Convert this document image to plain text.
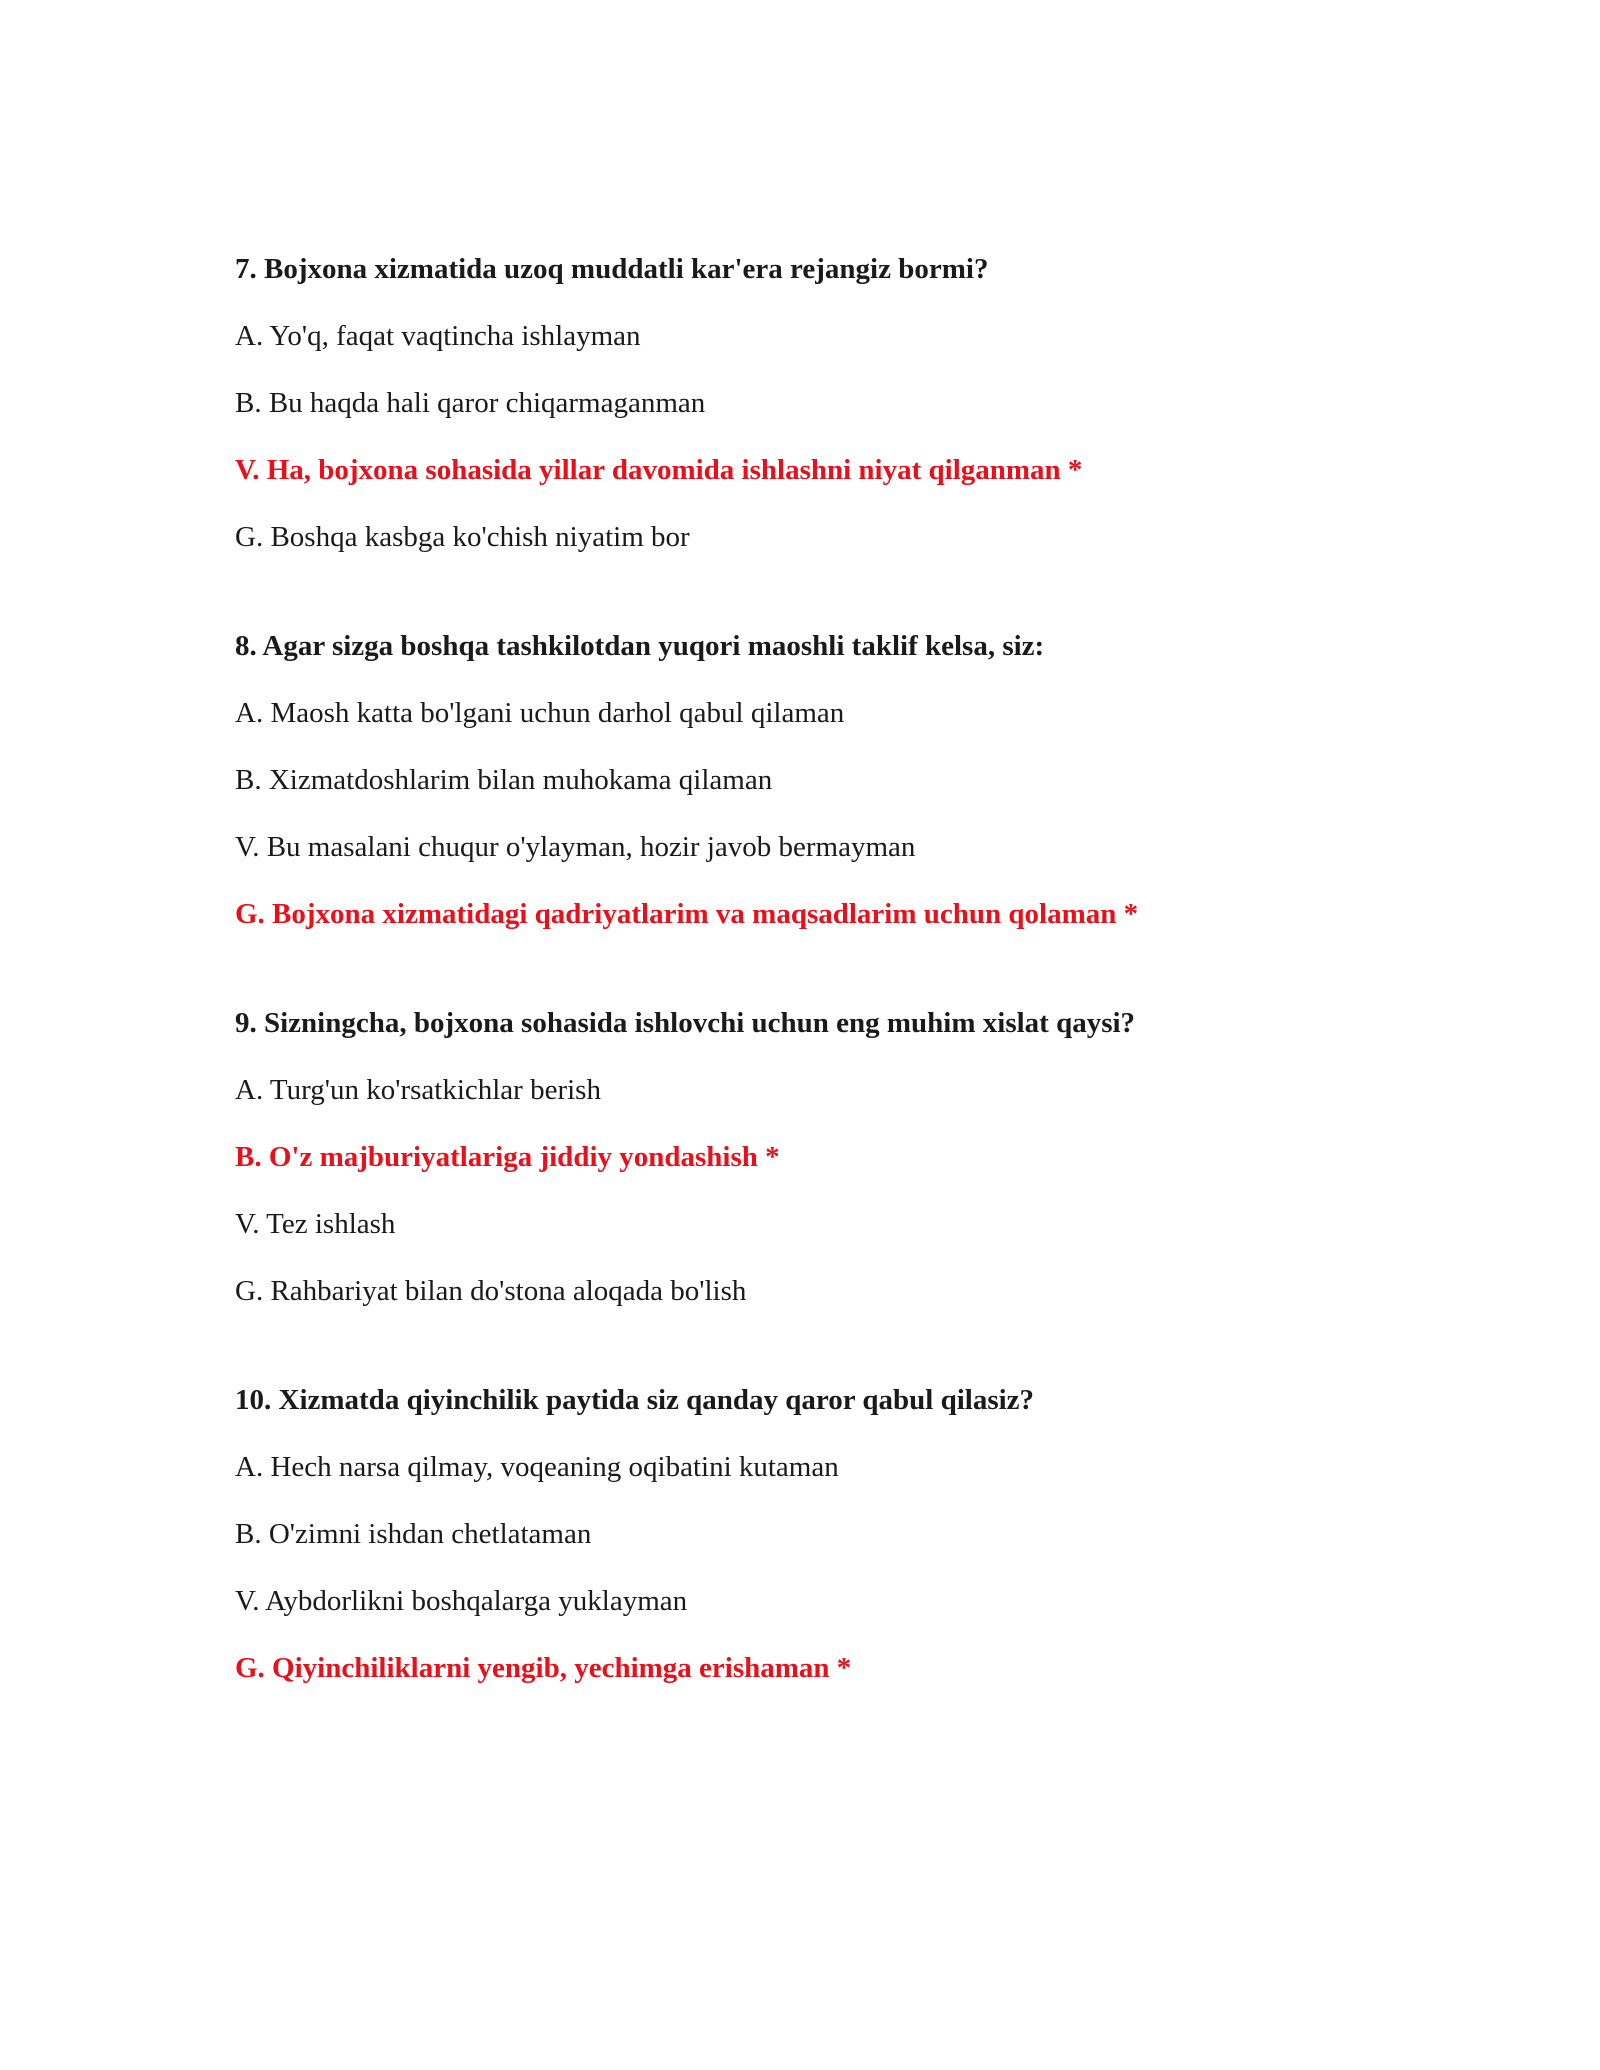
7. Bojxona xizmatida uzoq muddatli kar'era rejangiz bormi?
A. Yo'q, faqat vaqtincha ishlayman
B. Bu haqda hali qaror chiqarmaganman
V. Ha, bojxona sohasida yillar davomida ishlashni niyat qilganman *
G. Boshqa kasbga ko'chish niyatim bor
8. Agar sizga boshqa tashkilotdan yuqori maoshli taklif kelsa, siz:
A. Maosh katta bo'lgani uchun darhol qabul qilaman
B. Xizmatdoshlarim bilan muhokama qilaman
V. Bu masalani chuqur o'ylayman, hozir javob bermayman
G. Bojxona xizmatidagi qadriyatlarim va maqsadlarim uchun qolaman *
9. Sizningcha, bojxona sohasida ishlovchi uchun eng muhim xislat qaysi?
A. Turg'un ko'rsatkichlar berish
B. O'z majburiyatlariga jiddiy yondashish *
V. Tez ishlash
G. Rahbariyat bilan do'stona aloqada bo'lish
10. Xizmatda qiyinchilik paytida siz qanday qaror qabul qilasiz?
A. Hech narsa qilmay, voqeaning oqibatini kutaman
B. O'zimni ishdan chetlataman
V. Aybdorlikni boshqalarga yuklayman
G. Qiyinchiliklarni yengib, yechimga erishaman *
